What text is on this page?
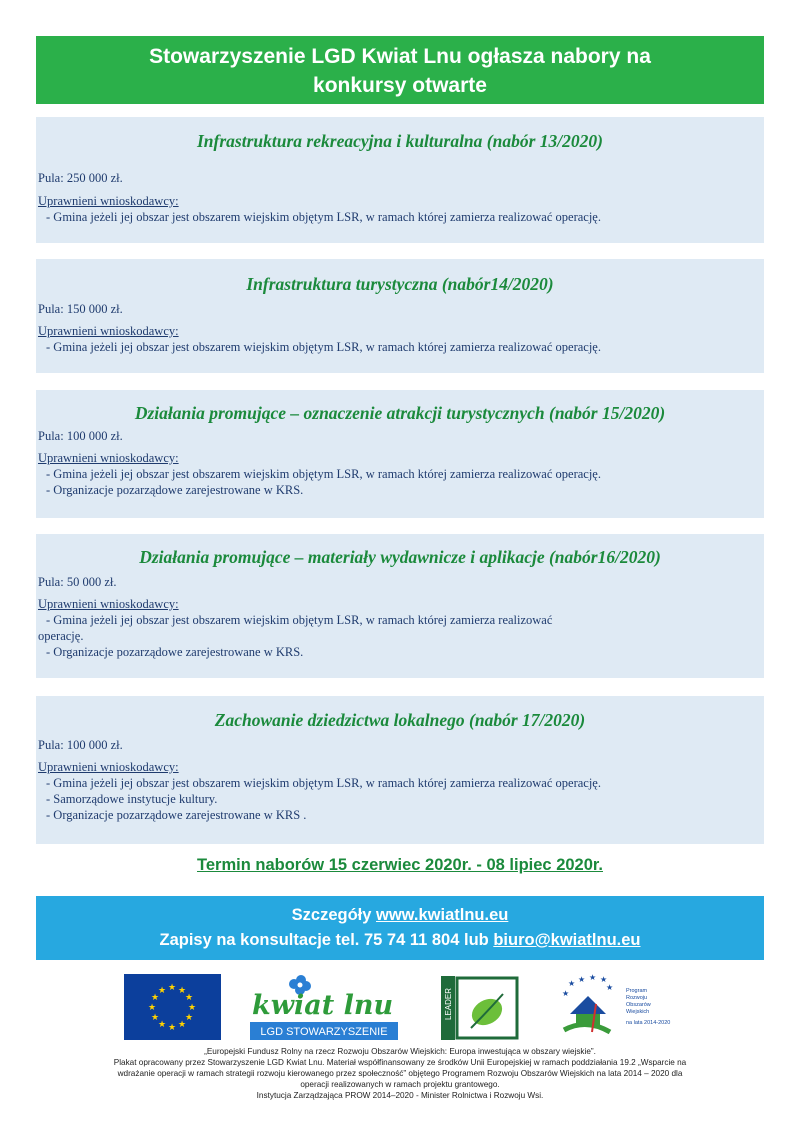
Stowarzyszenie LGD Kwiat Lnu ogłasza nabory na
konkursy otwarte
Infrastruktura rekreacyjna i kulturalna (nabór 13/2020)
Pula: 250 000 zł.
Uprawnieni wnioskodawcy:
- Gmina jeżeli jej obszar jest obszarem wiejskim objętym LSR, w ramach której zamierza realizować operację.
Infrastruktura turystyczna (nabór14/2020)
Pula: 150 000 zł.
Uprawnieni wnioskodawcy:
- Gmina jeżeli jej obszar jest obszarem wiejskim objętym LSR, w ramach której zamierza realizować operację.
Działania promujące – oznaczenie atrakcji turystycznych (nabór 15/2020)
Pula: 100 000 zł.
Uprawnieni wnioskodawcy:
- Gmina jeżeli jej obszar jest obszarem wiejskim objętym LSR, w ramach której zamierza realizować operację.
- Organizacje pozarządowe zarejestrowane w KRS.
Działania promujące – materiały wydawnicze i aplikacje (nabór16/2020)
Pula: 50 000 zł.
Uprawnieni wnioskodawcy:
- Gmina jeżeli jej obszar jest obszarem wiejskim objętym LSR, w ramach której zamierza realizować
operację.
- Organizacje pozarządowe zarejestrowane w KRS.
Zachowanie dziedzictwa lokalnego (nabór 17/2020)
Pula: 100 000 zł.
Uprawnieni wnioskodawcy:
- Gmina jeżeli jej obszar jest obszarem wiejskim objętym LSR, w ramach której zamierza realizować operację.
- Samorządowe instytucje kultury.
- Organizacje pozarządowe zarejestrowane w KRS .
Termin naborów 15 czerwiec 2020r. - 08 lipiec 2020r.
Szczegóły www.kwiatlnu.eu
Zapisy na konsultacje tel. 75 74 11 804 lub biuro@kwiatlnu.eu
★ ★
★
★
★
★
★
★
★
★
★
★	kwiat lnu
LGD STOWARZYSZENIE
LEADER
★ ★ ★ ★
★
★ Program
Rozwoju
Obszarów
Wiejskich
na lata 2014-2020
„Europejski Fundusz Rolny na rzecz Rozwoju Obszarów Wiejskich: Europa inwestująca w obszary wiejskie”.
Plakat opracowany przez Stowarzyszenie LGD Kwiat Lnu. Materiał współfinansowany ze środków Unii Europejskiej w ramach poddziałania 19.2 „Wsparcie na
wdrażanie operacji w ramach strategii rozwoju kierowanego przez społeczność” objętego Programem Rozwoju Obszarów Wiejskich na lata 2014 – 2020 dla
operacji realizowanych w ramach projektu grantowego.
Instytucja Zarządzająca PROW 2014–2020 - Minister Rolnictwa i Rozwoju Wsi.
